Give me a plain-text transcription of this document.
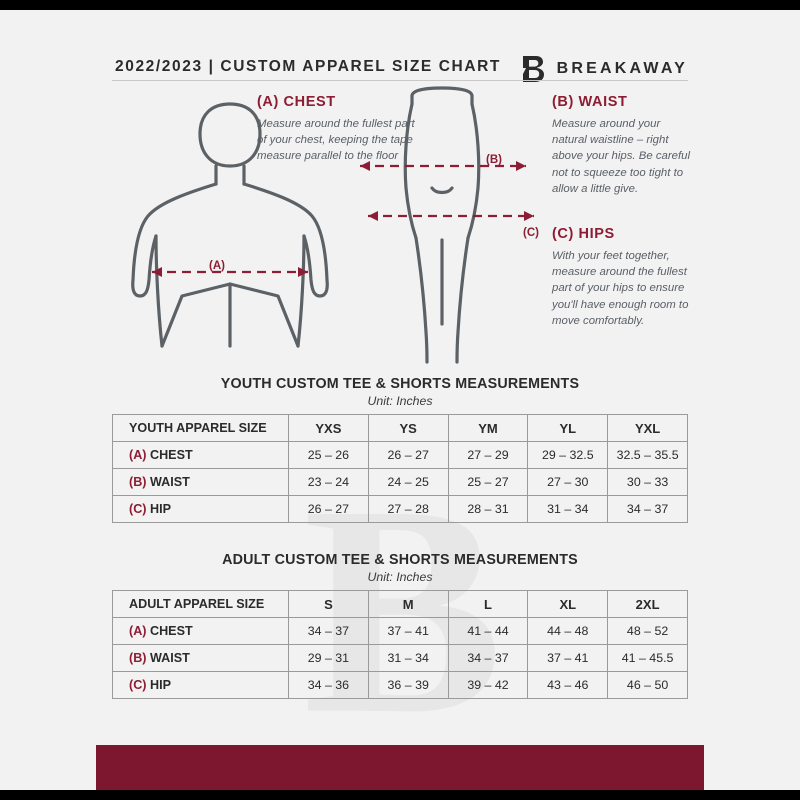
2022/2023 | CUSTOM APPAREL SIZE CHART	BREAKAWAY
(B)
(C)
(A)
(A) CHEST

Measure around the fullest part of your chest, keeping the tape measure parallel to the floor

(B) WAIST

Measure around your natural waistline – right above your hips. Be careful not to squeeze too tight to allow a little give.

(C) HIPS

With your feet together, measure around the fullest part of your hips to ensure you'll have enough room to move comfortably.

YOUTH CUSTOM TEE & SHORTS MEASUREMENTS
Unit: Inches
YOUTH APPAREL SIZE	YXS	YS	YM	YL	YXL
(A) CHEST	25 – 26	26 – 27	27 – 29	29 – 32.5	32.5 – 35.5
(B) WAIST	23 – 24	24 – 25	25 – 27	27 – 30	30 – 33
(C) HIP	26 – 27	27 – 28	28 – 31	31 – 34	34 – 37
ADULT CUSTOM TEE & SHORTS MEASUREMENTS
Unit: Inches
ADULT APPAREL SIZE	S	M	L	XL	2XL
(A) CHEST	34 – 37	37 – 41	41 – 44	44 – 48	48 – 52
(B) WAIST	29 – 31	31 – 34	34 – 37	37 – 41	41 – 45.5
(C) HIP	34 – 36	36 – 39	39 – 42	43 – 46	46 – 50
